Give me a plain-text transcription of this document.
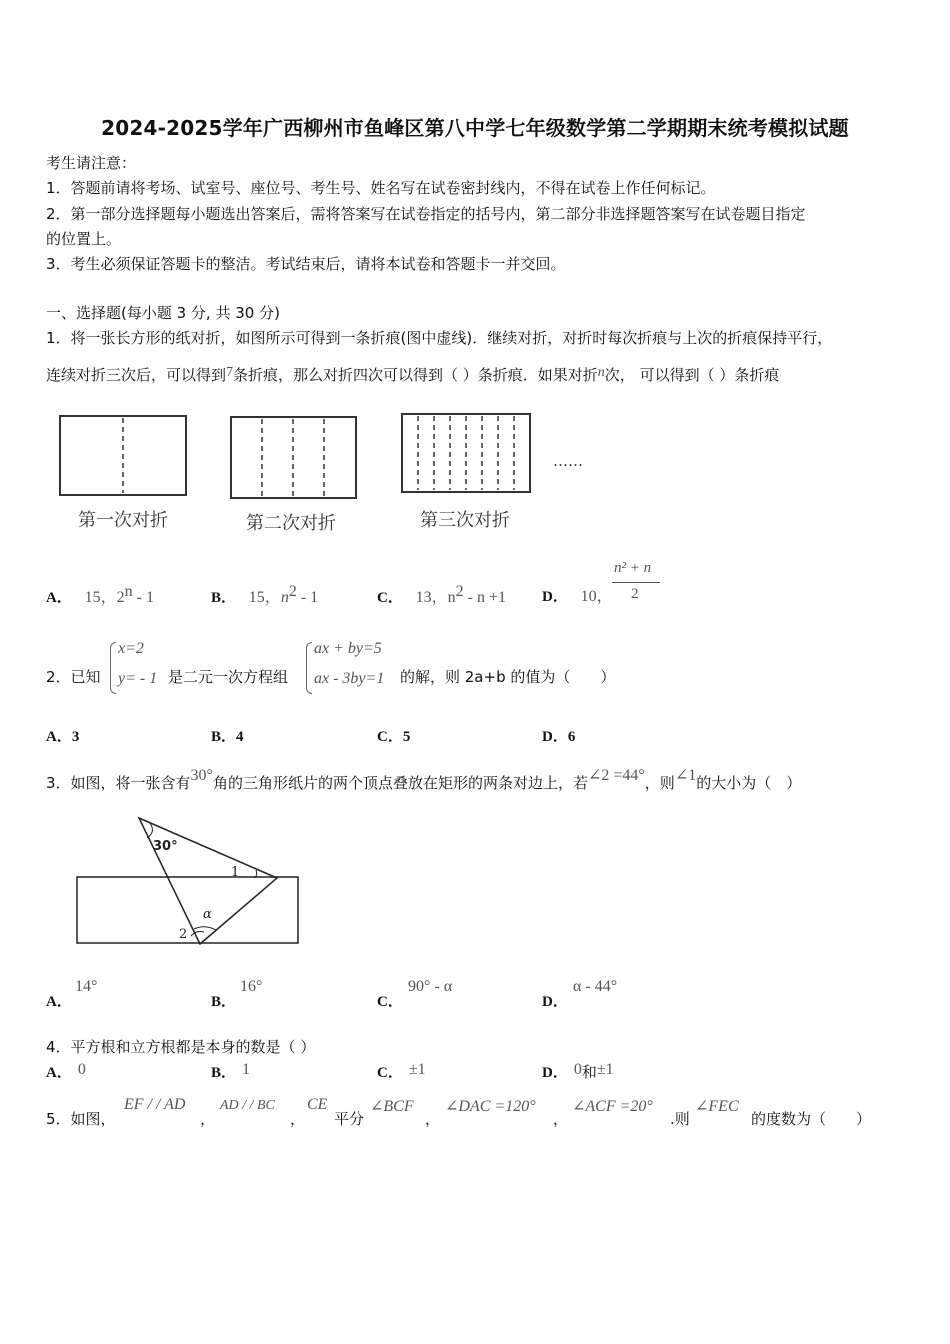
2024-2025学年广西柳州市鱼峰区第八中学七年级数学第二学期期末统考模拟试题
考生请注意：
1．答题前请将考场、试室号、座位号、考生号、姓名写在试卷密封线内，不得在试卷上作任何标记。
2．第一部分选择题每小题选出答案后，需将答案写在试卷指定的括号内，第二部分非选择题答案写在试卷题目指定
的位置上。
3．考生必须保证答题卡的整洁。考试结束后，请将本试卷和答题卡一并交回。
一、选择题(每小题 3 分, 共 30 分)
1．将一张长方形的纸对折，如图所示可得到一条折痕(图中虚线)．继续对折，对折时每次折痕与上次的折痕保持平行，
连续对折三次后，可以得到7条折痕，那么对折四次可以得到（ ）条折痕．如果对折n次， 可以得到（ ）条折痕
第一次对折	第二次对折	第三次对折
……
A． 15，2$^n$ - 1	B． 15，$n^2 - 1$	C． 13，$n^2 - n +1$ D． 10，
n² + n
2
2．已知
x=2
y= - 1 是二元一次方程组
ax + by=5
ax - 3by=1 的解，则 2a+b 的值为（　　）
A．3	B．4	C．5	D．6
3．如图，将一张含有30°角的三角形纸片的两个顶点叠放在矩形的两条对边上，若∠2 =44°，则∠1的大小为（　）
30°
1
α
2
A．
14°
B．
16°
C．
90° - α
D．
α - 44°
4．平方根和立方根都是本身的数是（ ）
A． 0	B． 1	C． ±1	D． 0和±1
5．如图，
EF / / AD
，
AD / / BC
，
CE
平分
∠BCF
，
∠DAC =120°
，
∠ACF =20°
.则
∠FEC
的度数为（　　）
